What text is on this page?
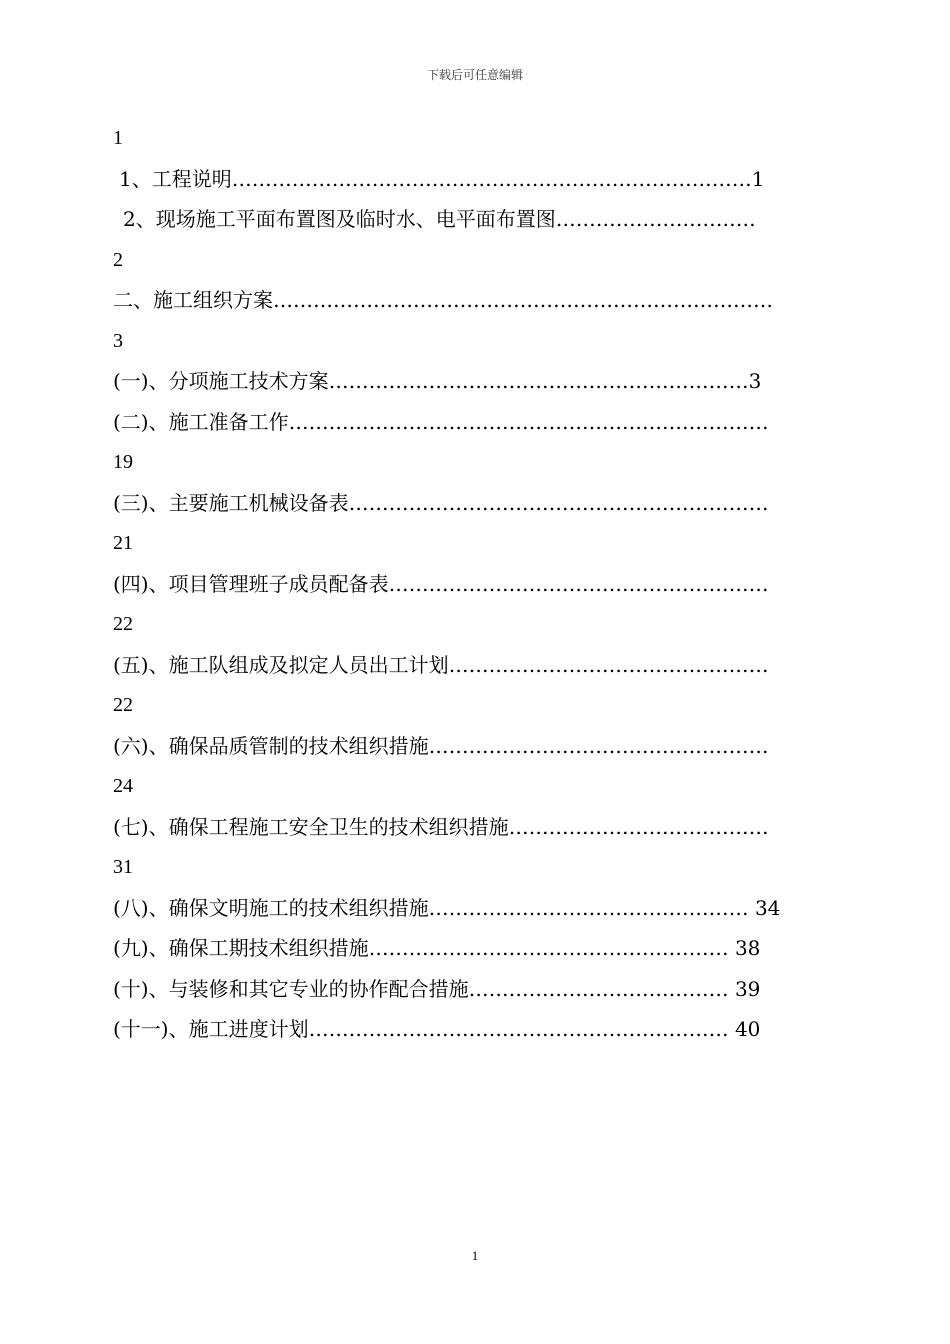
下载后可任意编辑
1
1、工程说明……………………………………………………………………1
2、现场施工平面布置图及临时水、电平面布置图…………………………
2
二、施工组织方案…………………………………………………………………
3
(一)、分项施工技术方案………………………………………………………3
(二)、施工准备工作………………………………………………………………
19
(三)、主要施工机械设备表………………………………………………………
21
(四)、项目管理班子成员配备表…………………………………………………
22
(五)、施工队组成及拟定人员出工计划…………………………………………
22
(六)、确保品质管制的技术组织措施……………………………………………
24
(七)、确保工程施工安全卫生的技术组织措施…………………………………
31
(八)、确保文明施工的技术组织措施………………………………………… 34
(九)、确保工期技术组织措施……………………………………………… 38
(十)、与装修和其它专业的协作配合措施………………………………… 39
(十一)、施工进度计划……………………………………………………… 40
1
